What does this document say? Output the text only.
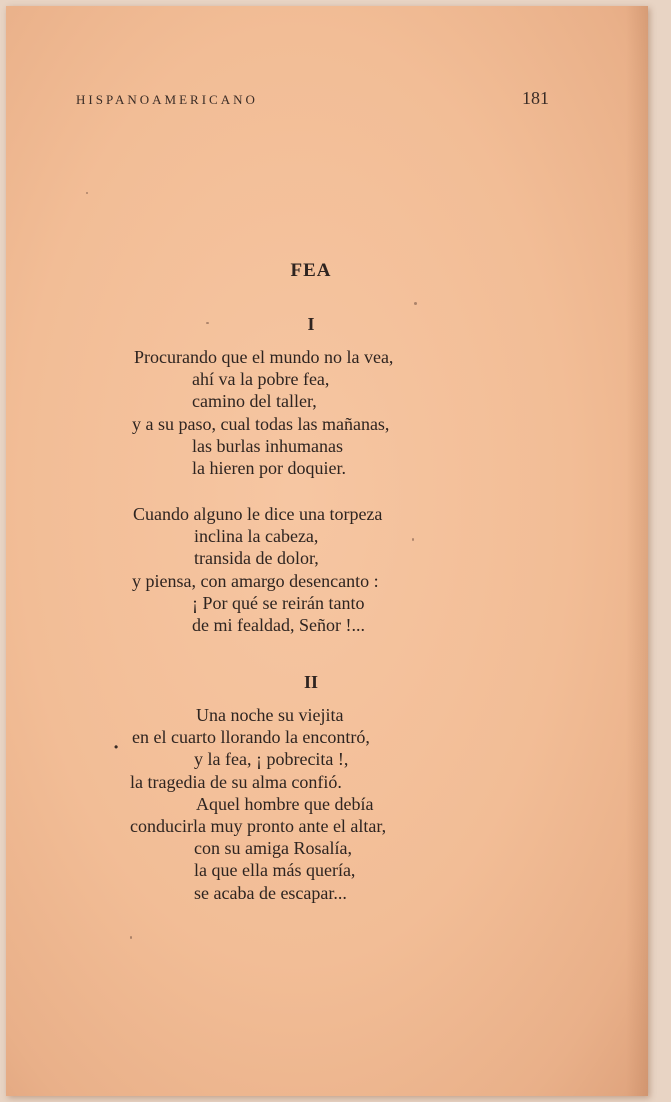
HISPANOAMERICANO	181
FEA
I
Procurando que el mundo no la vea,
ahí va la pobre fea,
camino del taller,
y a su paso, cual todas las mañanas,
las burlas inhumanas
la hieren por doquier.
Cuando alguno le dice una torpeza
inclina la cabeza,
transida de dolor,
y piensa, con amargo desencanto :
¡ Por qué se reirán tanto
de mi fealdad, Señor !...
II
•
Una noche su viejita
en el cuarto llorando la encontró,
y la fea, ¡ pobrecita !,
la tragedia de su alma confió.
Aquel hombre que debía
conducirla muy pronto ante el altar,
con su amiga Rosalía,
la que ella más quería,
se acaba de escapar...
